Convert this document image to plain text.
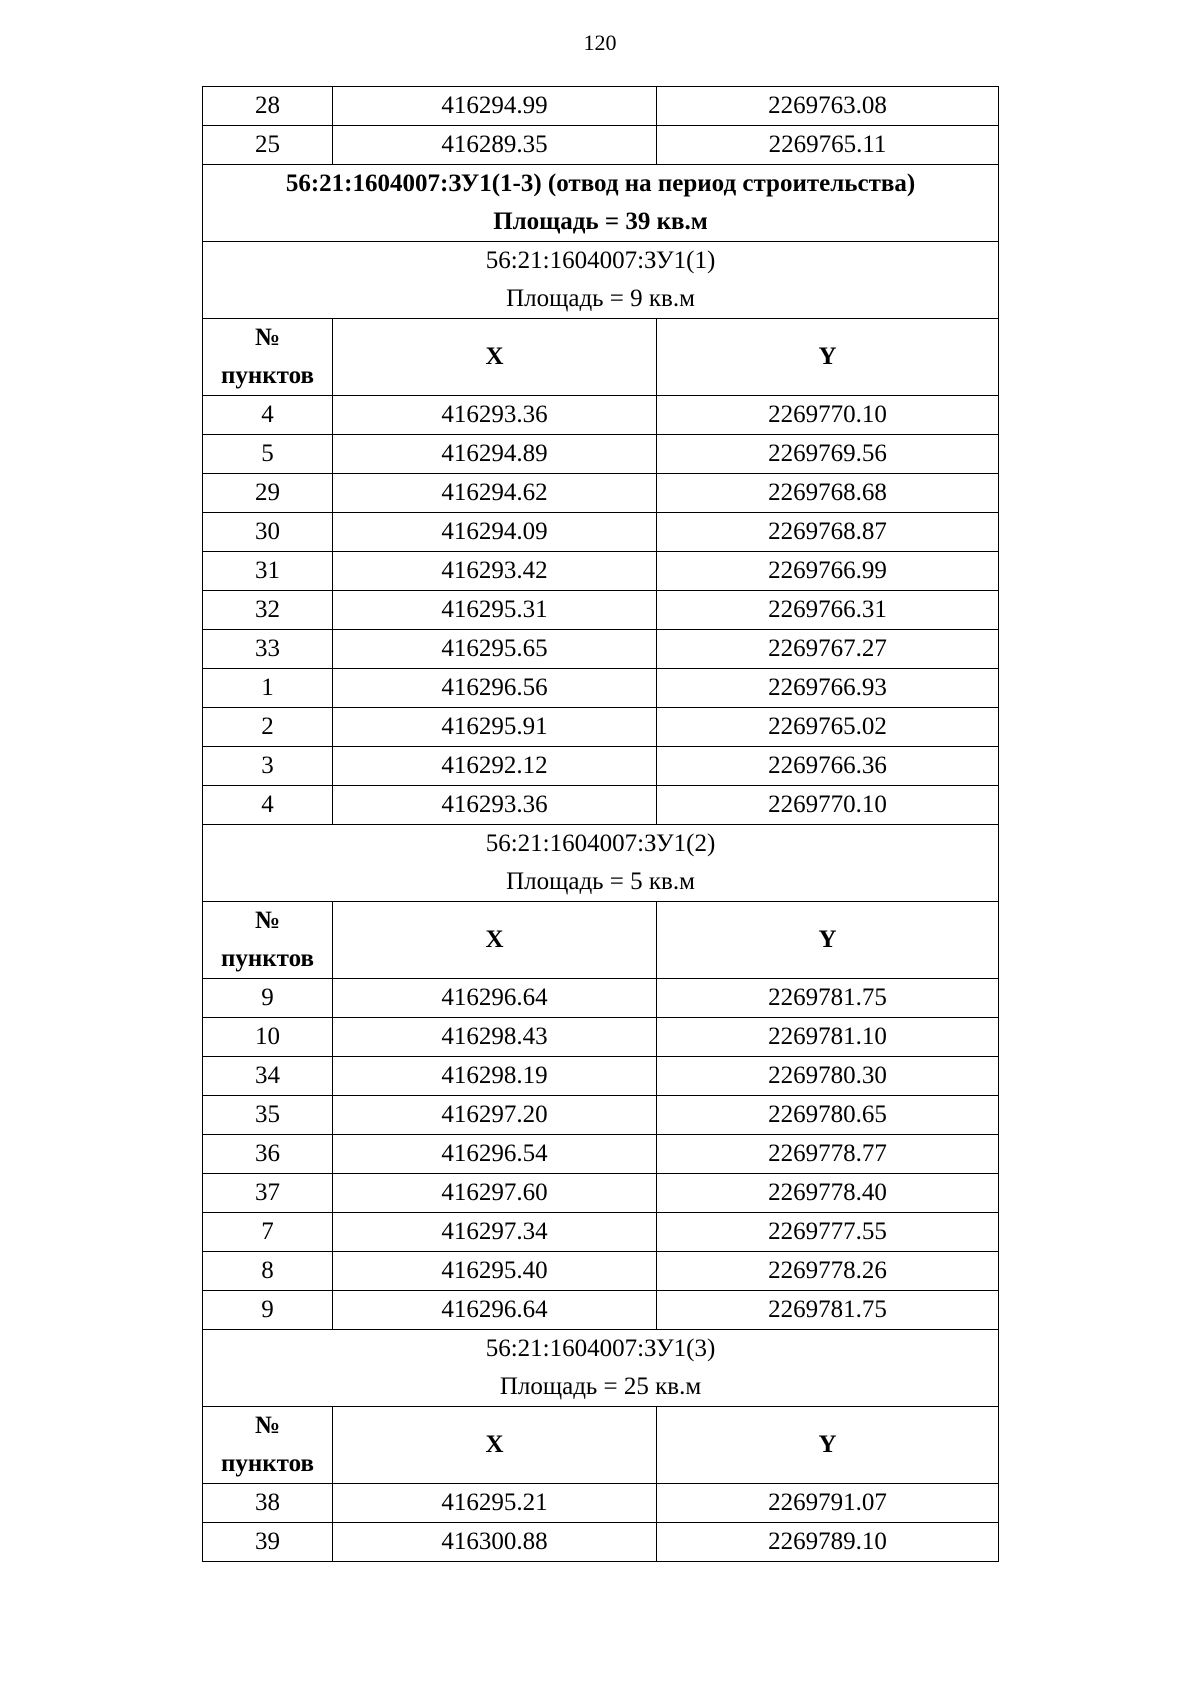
120
28	416294.99	2269763.08
25	416289.35	2269765.11

56:21:1604007:ЗУ1(1-3) (отвод на период строительства)
Площадь = 39 кв.м		

56:21:1604007:ЗУ1(1)
Площадь = 9 кв.м		

№
пунктов	X	Y
4	416293.36	2269770.10
5	416294.89	2269769.56
29	416294.62	2269768.68
30	416294.09	2269768.87
31	416293.42	2269766.99
32	416295.31	2269766.31
33	416295.65	2269767.27
1	416296.56	2269766.93
2	416295.91	2269765.02
3	416292.12	2269766.36
4	416293.36	2269770.10

56:21:1604007:ЗУ1(2)
Площадь = 5 кв.м		

№
пунктов	X	Y
9	416296.64	2269781.75
10	416298.43	2269781.10
34	416298.19	2269780.30
35	416297.20	2269780.65
36	416296.54	2269778.77
37	416297.60	2269778.40
7	416297.34	2269777.55
8	416295.40	2269778.26
9	416296.64	2269781.75

56:21:1604007:ЗУ1(3)
Площадь = 25 кв.м		

№
пунктов	X	Y
38	416295.21	2269791.07
39	416300.88	2269789.10
